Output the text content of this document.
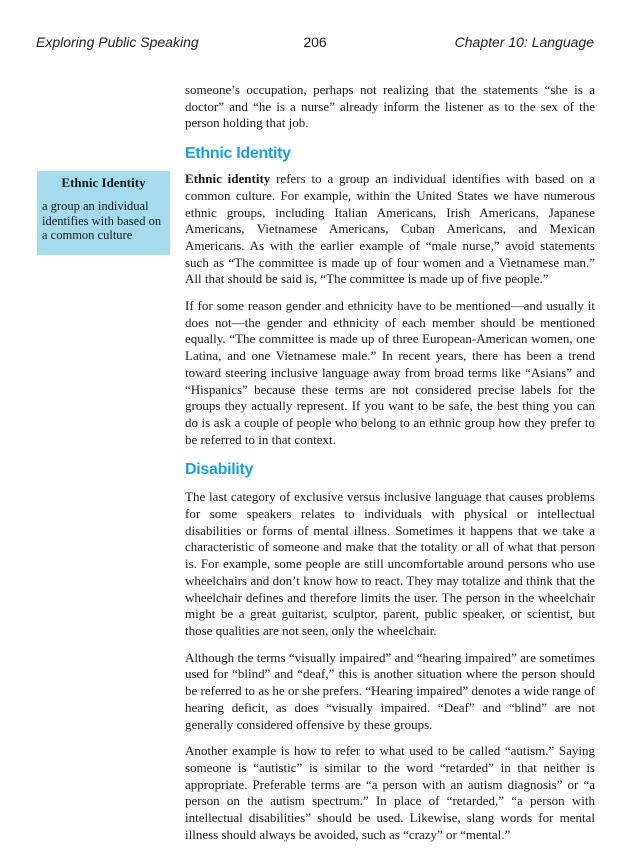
Exploring Public Speaking	206	Chapter 10: Language
Ethnic Identity
a group an individual identifies with based on a common culture

someone’s occupation, perhaps not realizing that the statements “she is a doctor” and “he is a nurse” already inform the listener as to the sex of the person holding that job.

Ethnic Identity

Ethnic identity refers to a group an individual identifies with based on a common culture. For example, within the United States we have numerous ethnic groups, including Italian Americans, Irish Americans, Japanese Americans, Vietnamese Americans, Cuban Americans, and Mexican Americans. As with the earlier example of “male nurse,” avoid statements such as “The committee is made up of four women and a Vietnamese man.” All that should be said is, “The committee is made up of five people.”

If for some reason gender and ethnicity have to be mentioned—and usually it does not—the gender and ethnicity of each member should be mentioned equally. “The committee is made up of three European-American women, one Latina, and one Vietnamese male.” In recent years, there has been a trend toward steering inclusive language away from broad terms like “Asians” and “Hispanics” because these terms are not considered precise labels for the groups they actually represent. If you want to be safe, the best thing you can do is ask a couple of people who belong to an ethnic group how they prefer to be referred to in that context.

Disability

The last category of exclusive versus inclusive language that causes problems for some speakers relates to individuals with physical or intellectual disabilities or forms of mental illness. Sometimes it happens that we take a characteristic of someone and make that the totality or all of what that person is. For example, some people are still uncomfortable around persons who use wheelchairs and don’t know how to react. They may totalize and think that the wheelchair defines and therefore limits the user. The person in the wheelchair might be a great guitarist, sculptor, parent, public speaker, or scientist, but those qualities are not seen, only the wheelchair.

Although the terms “visually impaired” and “hearing impaired” are sometimes used for “blind” and “deaf,” this is another situation where the person should be referred to as he or she prefers. “Hearing impaired” denotes a wide range of hearing deficit, as does “visually impaired. “Deaf” and “blind” are not generally considered offensive by these groups.

Another example is how to refer to what used to be called “autism.” Saying someone is “autistic” is similar to the word “retarded” in that neither is appropriate. Preferable terms are “a person with an autism diagnosis” or “a person on the autism spectrum.” In place of “retarded,” “a person with intellectual disabilities” should be used. Likewise, slang words for mental illness should always be avoided, such as “crazy” or “mental.”
